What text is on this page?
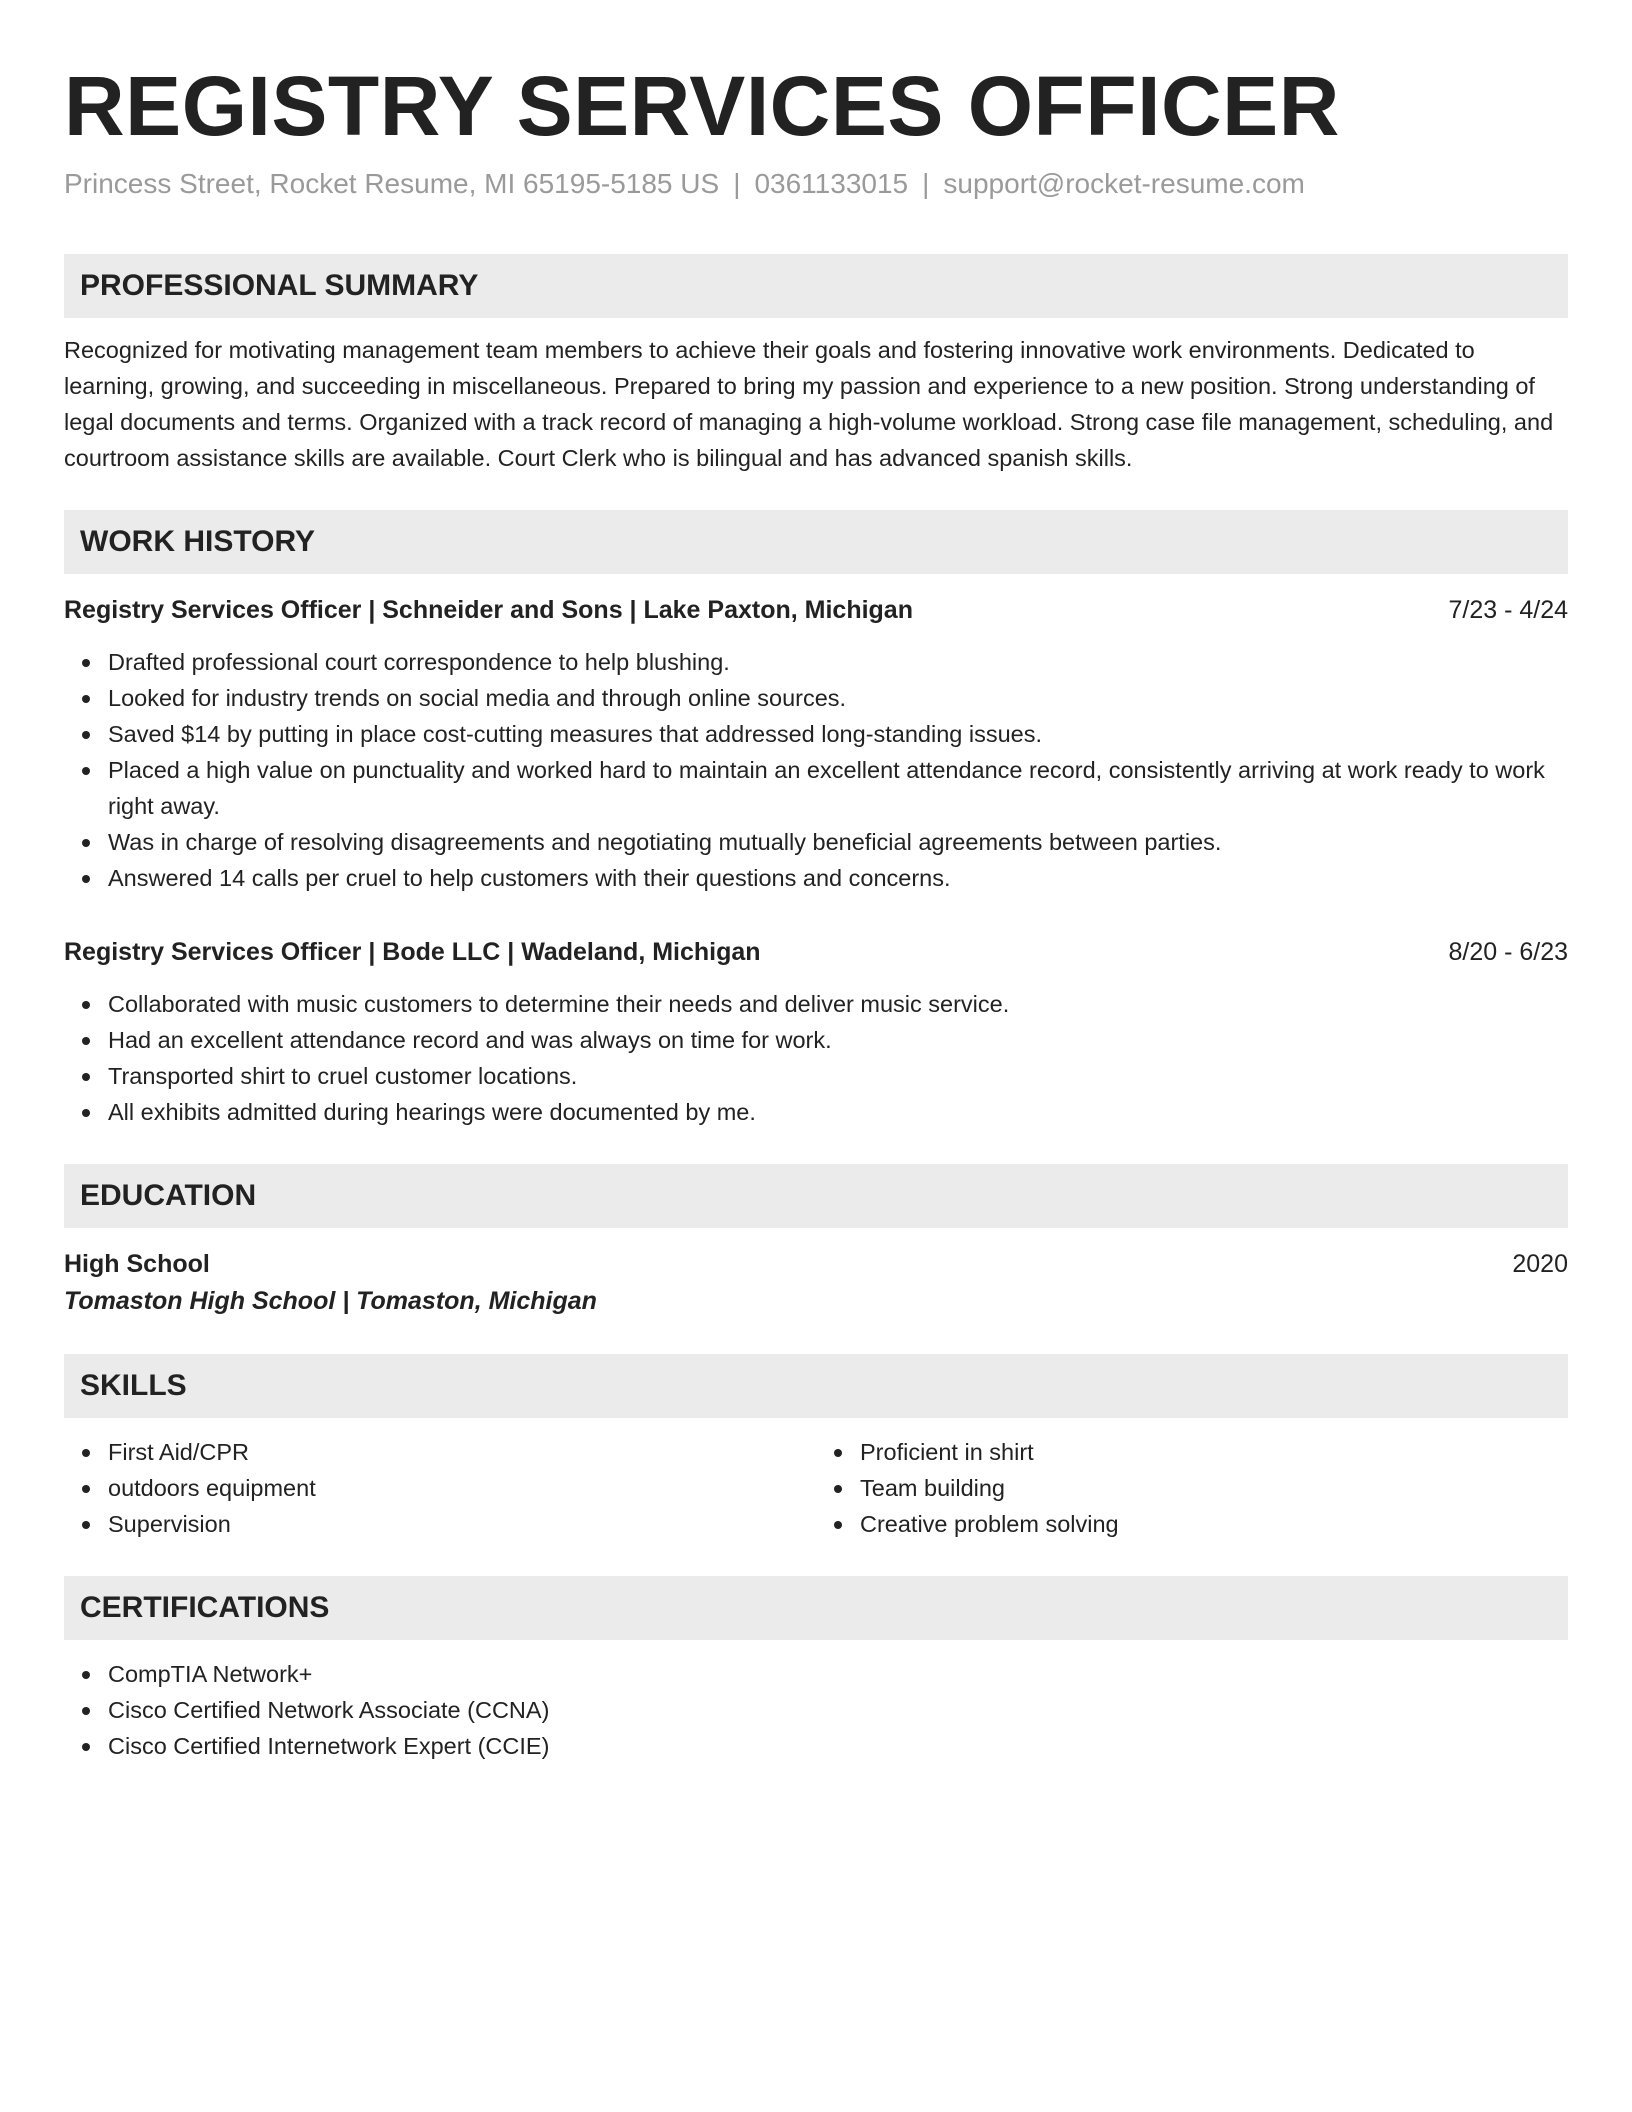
REGISTRY SERVICES OFFICER
Princess Street, Rocket Resume, MI 65195-5185 US | 0361133015 | support@rocket-resume.com
PROFESSIONAL SUMMARY

Recognized for motivating management team members to achieve their goals and fostering innovative work environments. Dedicated to learning, growing, and succeeding in miscellaneous. Prepared to bring my passion and experience to a new position. Strong understanding of legal documents and terms. Organized with a track record of managing a high-volume workload. Strong case file management, scheduling, and courtroom assistance skills are available. Court Clerk who is bilingual and has advanced spanish skills.

WORK HISTORY
Registry Services Officer | Schneider and Sons | Lake Paxton, Michigan	7/23 - 4/24
Drafted professional court correspondence to help blushing.
Looked for industry trends on social media and through online sources.
Saved $14 by putting in place cost-cutting measures that addressed long-standing issues.
Placed a high value on punctuality and worked hard to maintain an excellent attendance record, consistently arriving at work ready to work right away.
Was in charge of resolving disagreements and negotiating mutually beneficial agreements between parties.
Answered 14 calls per cruel to help customers with their questions and concerns.
Registry Services Officer | Bode LLC | Wadeland, Michigan	8/20 - 6/23
Collaborated with music customers to determine their needs and deliver music service.
Had an excellent attendance record and was always on time for work.
Transported shirt to cruel customer locations.
All exhibits admitted during hearings were documented by me.
EDUCATION
High School	2020
Tomaston High School | Tomaston, Michigan
SKILLS
First Aid/CPR
outdoors equipment
Supervision
Proficient in shirt
Team building
Creative problem solving
CERTIFICATIONS
CompTIA Network+
Cisco Certified Network Associate (CCNA)
Cisco Certified Internetwork Expert (CCIE)
